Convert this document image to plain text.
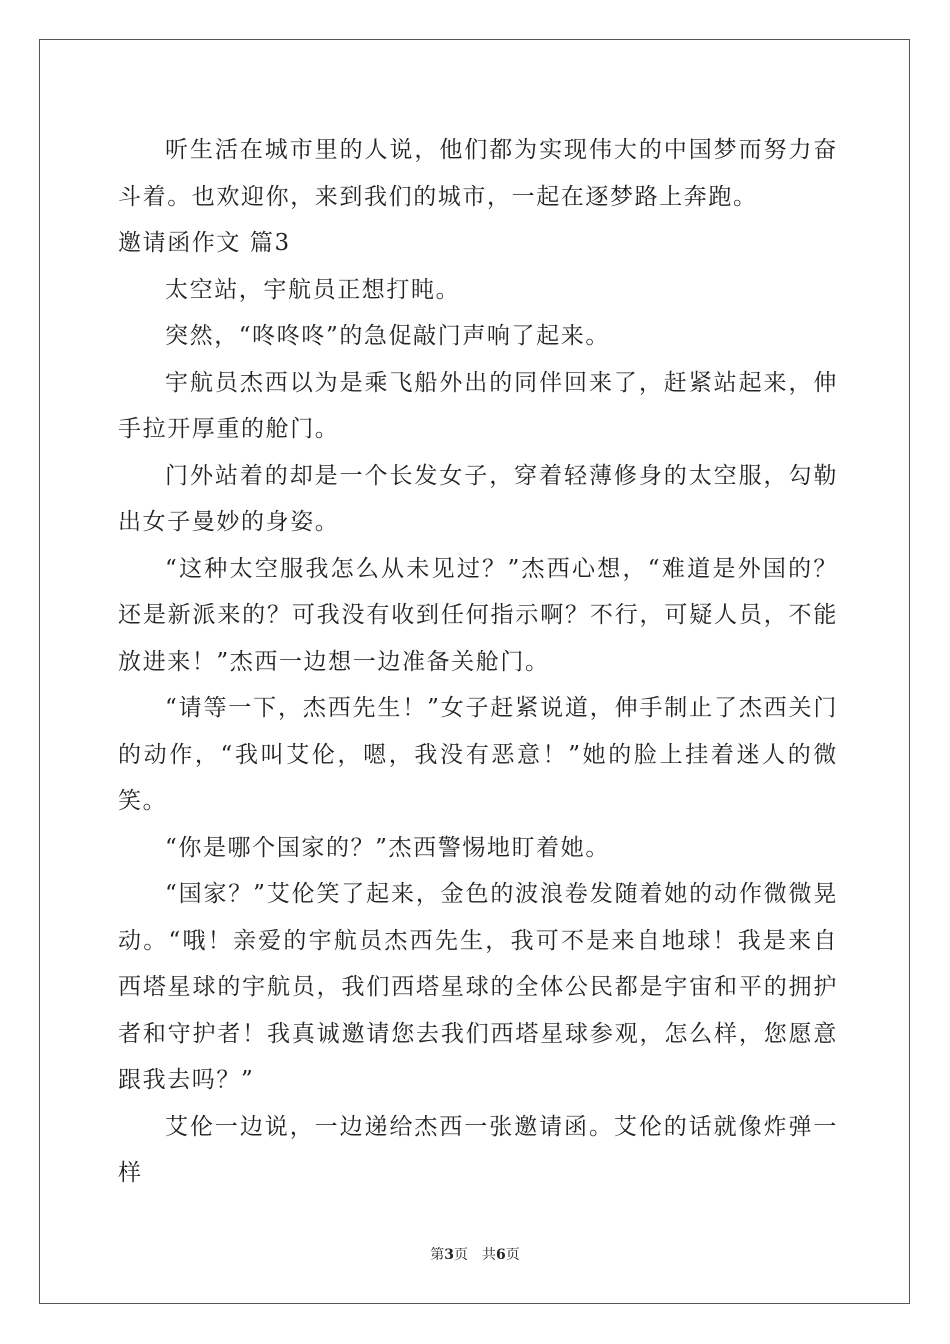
听生活在城市里的人说，他们都为实现伟大的中国梦而努力奋斗着。也欢迎你，来到我们的城市，一起在逐梦路上奔跑。

邀请函作文 篇3

太空站，宇航员正想打盹。

突然，“咚咚咚”的急促敲门声响了起来。

宇航员杰西以为是乘飞船外出的同伴回来了，赶紧站起来，伸手拉开厚重的舱门。

门外站着的却是一个长发女子，穿着轻薄修身的太空服，勾勒出女子曼妙的身姿。

“这种太空服我怎么从未见过？”杰西心想，“难道是外国的？还是新派来的？可我没有收到任何指示啊？不行，可疑人员，不能放进来！”杰西一边想一边准备关舱门。

“请等一下，杰西先生！”女子赶紧说道，伸手制止了杰西关门的动作，“我叫艾伦，嗯，我没有恶意！”她的脸上挂着迷人的微笑。

“你是哪个国家的？”杰西警惕地盯着她。

“国家？”艾伦笑了起来，金色的波浪卷发随着她的动作微微晃动。“哦！亲爱的宇航员杰西先生，我可不是来自地球！我是来自西塔星球的宇航员，我们西塔星球的全体公民都是宇宙和平的拥护者和守护者！我真诚邀请您去我们西塔星球参观，怎么样，您愿意跟我去吗？”

艾伦一边说，一边递给杰西一张邀请函。艾伦的话就像炸弹一样

第3页 共6页
